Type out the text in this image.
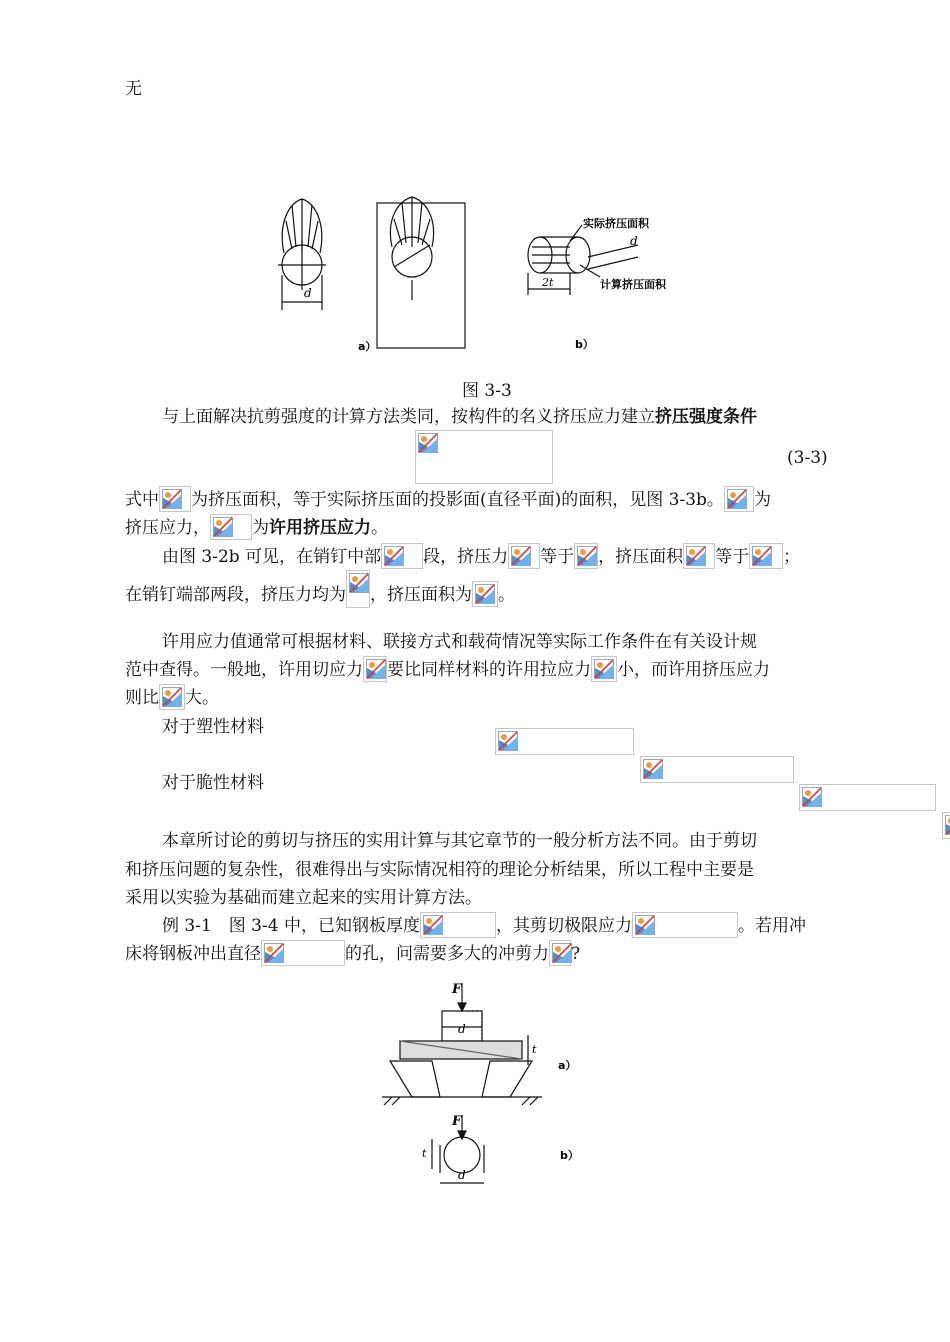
无
d
d
2t
实际挤压面积
计算挤压面积
a）	b）
图 3-3
与上面解决抗剪强度的计算方法类同，按构件的名义挤压应力建立挤压强度条件

(3-3)
式中 为挤压面积，等于实际挤压面的投影面(直径平面)的面积，见图 3-3b。 为
挤压应力， 为许用挤压应力。
由图 3-2b 可见，在销钉中部 段，挤压力 等于 ，挤压面积 等于 ；
在销钉端部两段，挤压力均为 ，挤压面积为 。
许用应力值通常可根据材料、联接方式和载荷情况等实际工作条件在有关设计规
范中查得。一般地，许用切应力 要比同样材料的许用拉应力 小，而许用挤压应力
则比 大。
对于塑性材料

对于脆性材料

本章所讨论的剪切与挤压的实用计算与其它章节的一般分析方法不同。由于剪切
和挤压问题的复杂性，很难得出与实际情况相符的理论分析结果，所以工程中主要是
采用以实验为基础而建立起来的实用计算方法。
例 3-1　图 3-4 中，已知钢板厚度	，其剪切极限应力	。若用冲
床将钢板冲出直径	的孔，问需要多大的冲剪力 ?
F
d
t
a）
F
t
d
b）
